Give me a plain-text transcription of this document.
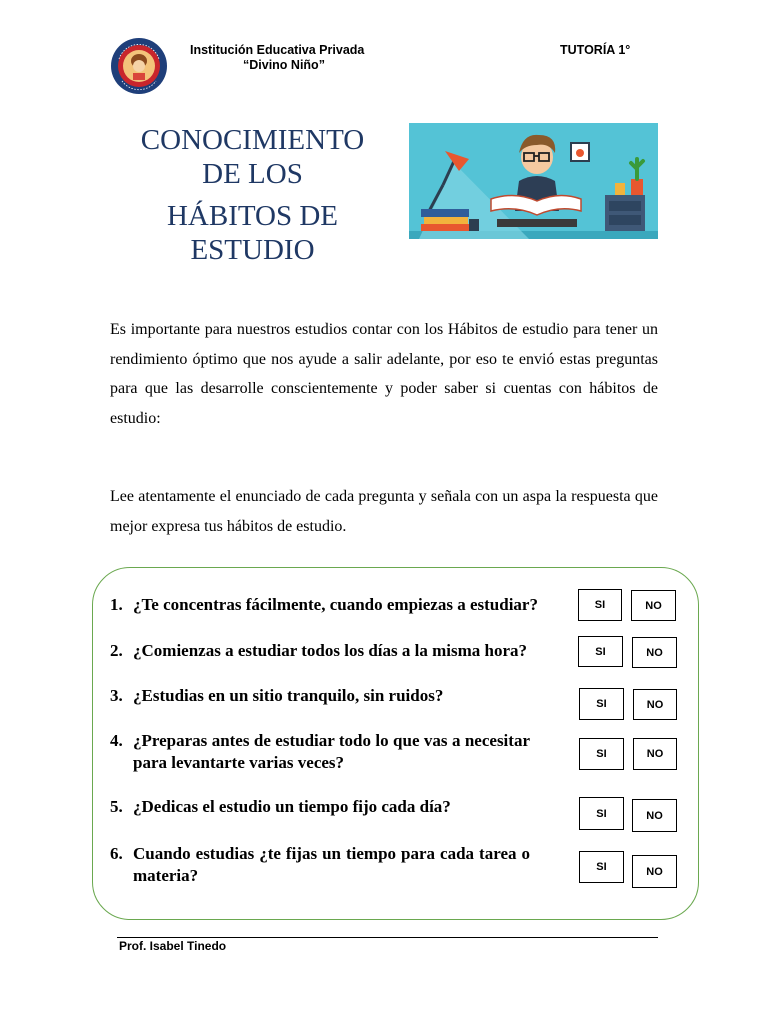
Institución Educativa Privada
“Divino Niño”
TUTORÍA 1°
CONOCIMIENTO
DE LOS
HÁBITOS DE
ESTUDIO
Es importante para nuestros estudios contar con los Hábitos de estudio para tener un rendimiento óptimo que nos ayude a salir adelante, por eso te envió estas preguntas para que las desarrolle conscientemente y poder saber si cuentas con hábitos de estudio:
Lee atentamente el enunciado de cada pregunta y señala con un aspa la respuesta que mejor expresa tus hábitos de estudio.
1. ¿Te concentras fácilmente, cuando empiezas a estudiar?	SI	NO
2. ¿Comienzas a estudiar todos los días a la misma hora?	SI	NO
3. ¿Estudias en un sitio tranquilo, sin ruidos?	SI	NO
4. ¿Preparas antes de estudiar todo lo que vas a necesitar para levantarte varias veces?	SI	NO
5. ¿Dedicas el estudio un tiempo fijo cada día?	SI	NO
6. Cuando estudias ¿te fijas un tiempo para cada tarea o materia?	SI	NO
Prof. Isabel Tinedo
